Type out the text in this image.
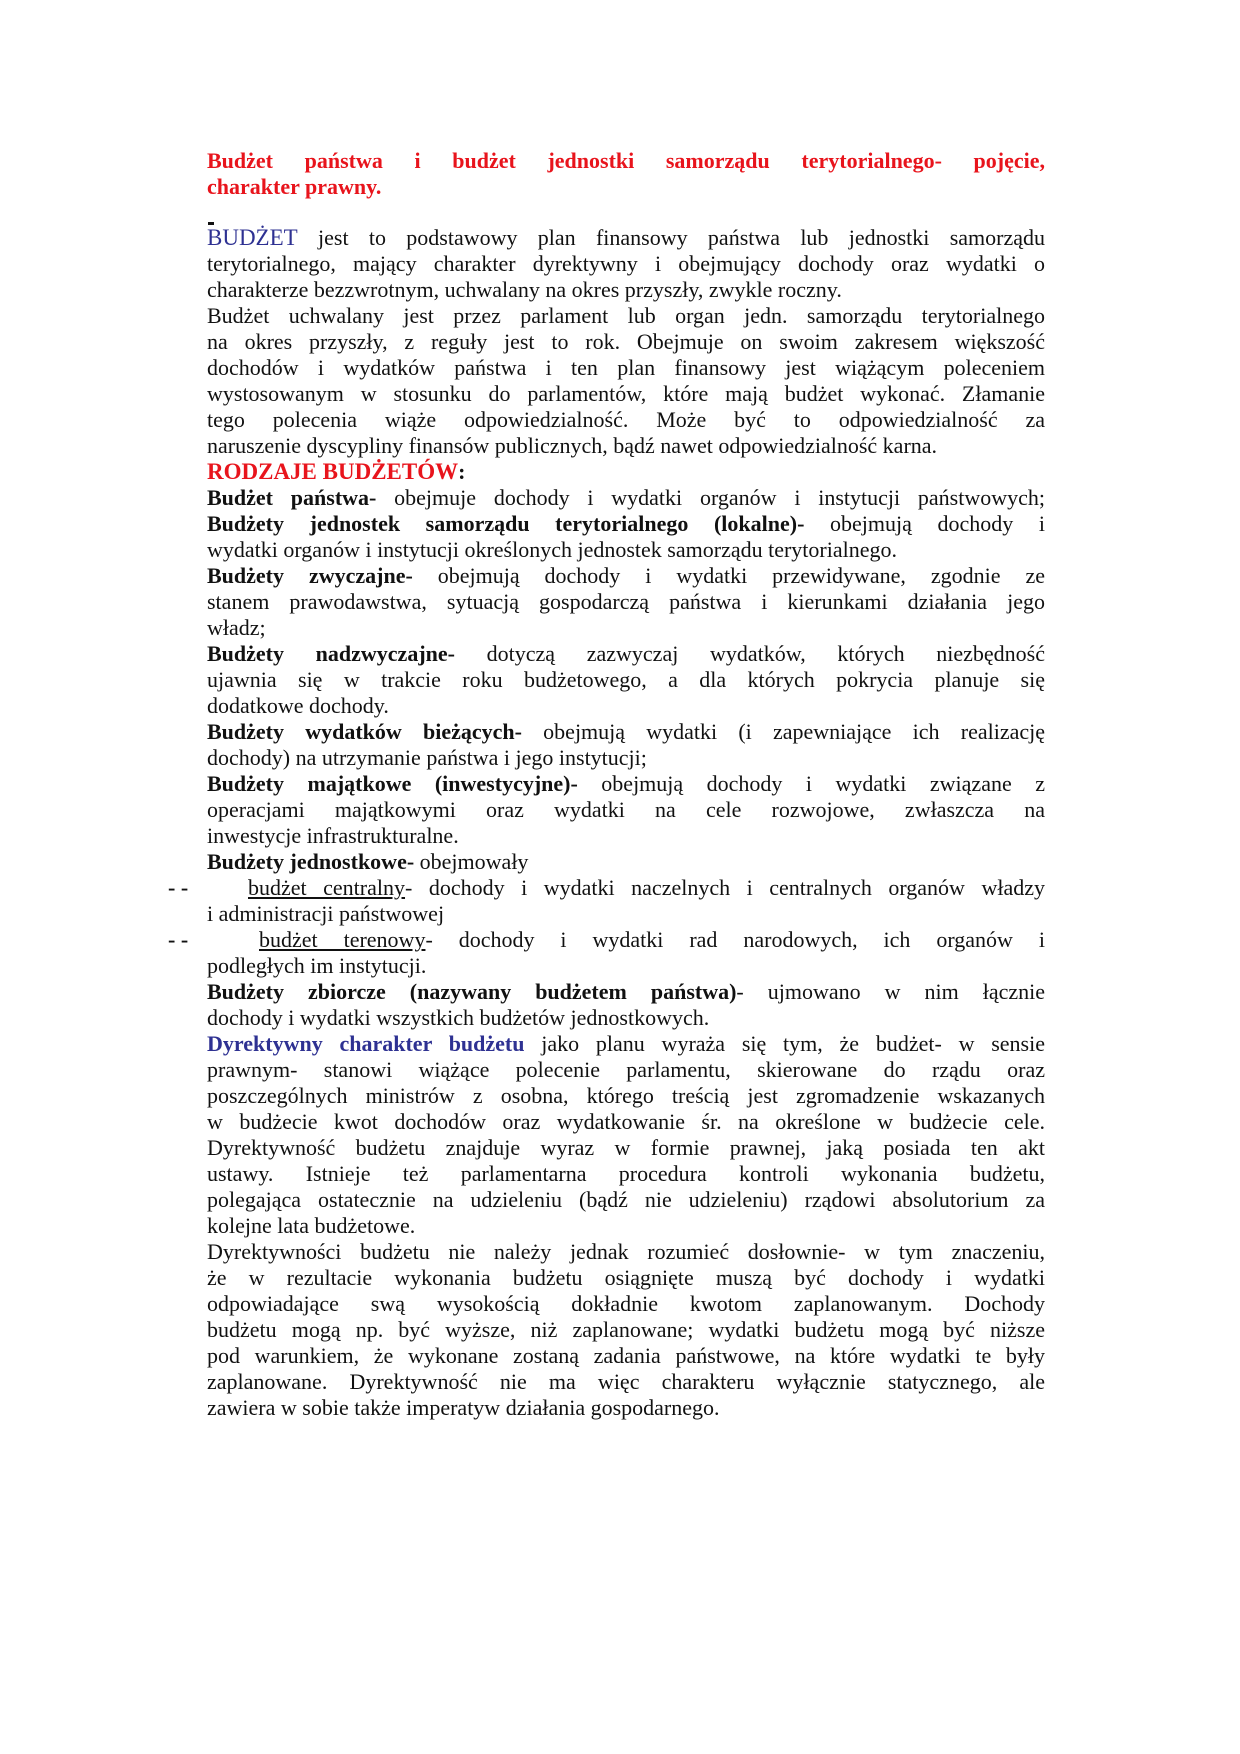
Budżet państwa i budżet jednostki samorządu terytorialnego- pojęcie,
charakter prawny.
BUDŻET jest to podstawowy plan finansowy państwa lub jednostki samorządu
terytorialnego, mający charakter dyrektywny i obejmujący dochody oraz wydatki o
charakterze bezzwrotnym, uchwalany na okres przyszły, zwykle roczny.
Budżet uchwalany jest przez parlament lub organ jedn. samorządu terytorialnego
na okres przyszły, z reguły jest to rok. Obejmuje on swoim zakresem większość
dochodów i wydatków państwa i ten plan finansowy jest wiążącym poleceniem
wystosowanym w stosunku do parlamentów, które mają budżet wykonać. Złamanie
tego polecenia wiąże odpowiedzialność. Może być to odpowiedzialność za
naruszenie dyscypliny finansów publicznych, bądź nawet odpowiedzialność karna.
RODZAJE BUDŻETÓW:
Budżet państwa- obejmuje dochody i wydatki organów i instytucji państwowych;
Budżety jednostek samorządu terytorialnego (lokalne)- obejmują dochody i
wydatki organów i instytucji określonych jednostek samorządu terytorialnego.
Budżety zwyczajne- obejmują dochody i wydatki przewidywane, zgodnie ze
stanem prawodawstwa, sytuacją gospodarczą państwa i kierunkami działania jego
władz;
Budżety nadzwyczajne- dotyczą zazwyczaj wydatków, których niezbędność
ujawnia się w trakcie roku budżetowego, a dla których pokrycia planuje się
dodatkowe dochody.
Budżety wydatków bieżących- obejmują wydatki (i zapewniające ich realizację
dochody) na utrzymanie państwa i jego instytucji;
Budżety majątkowe (inwestycyjne)- obejmują dochody i wydatki związane z
operacjami majątkowymi oraz wydatki na cele rozwojowe, zwłaszcza na
inwestycje infrastrukturalne.
Budżety jednostkowe- obejmowały
- -	budżet centralny- dochody i wydatki naczelnych i centralnych organów władzy
i administracji państwowej
- -	budżet terenowy- dochody i wydatki rad narodowych, ich organów i
podległych im instytucji.
Budżety zbiorcze (nazywany budżetem państwa)- ujmowano w nim łącznie
dochody i wydatki wszystkich budżetów jednostkowych.
Dyrektywny charakter budżetu jako planu wyraża się tym, że budżet- w sensie
prawnym- stanowi wiążące polecenie parlamentu, skierowane do rządu oraz
poszczególnych ministrów z osobna, którego treścią jest zgromadzenie wskazanych
w budżecie kwot dochodów oraz wydatkowanie śr. na określone w budżecie cele.
Dyrektywność budżetu znajduje wyraz w formie prawnej, jaką posiada ten akt
ustawy. Istnieje też parlamentarna procedura kontroli wykonania budżetu,
polegająca ostatecznie na udzieleniu (bądź nie udzieleniu) rządowi absolutorium za
kolejne lata budżetowe.
Dyrektywności budżetu nie należy jednak rozumieć dosłownie- w tym znaczeniu,
że w rezultacie wykonania budżetu osiągnięte muszą być dochody i wydatki
odpowiadające swą wysokością dokładnie kwotom zaplanowanym. Dochody
budżetu mogą np. być wyższe, niż zaplanowane; wydatki budżetu mogą być niższe
pod warunkiem, że wykonane zostaną zadania państwowe, na które wydatki te były
zaplanowane. Dyrektywność nie ma więc charakteru wyłącznie statycznego, ale
zawiera w sobie także imperatyw działania gospodarnego.
